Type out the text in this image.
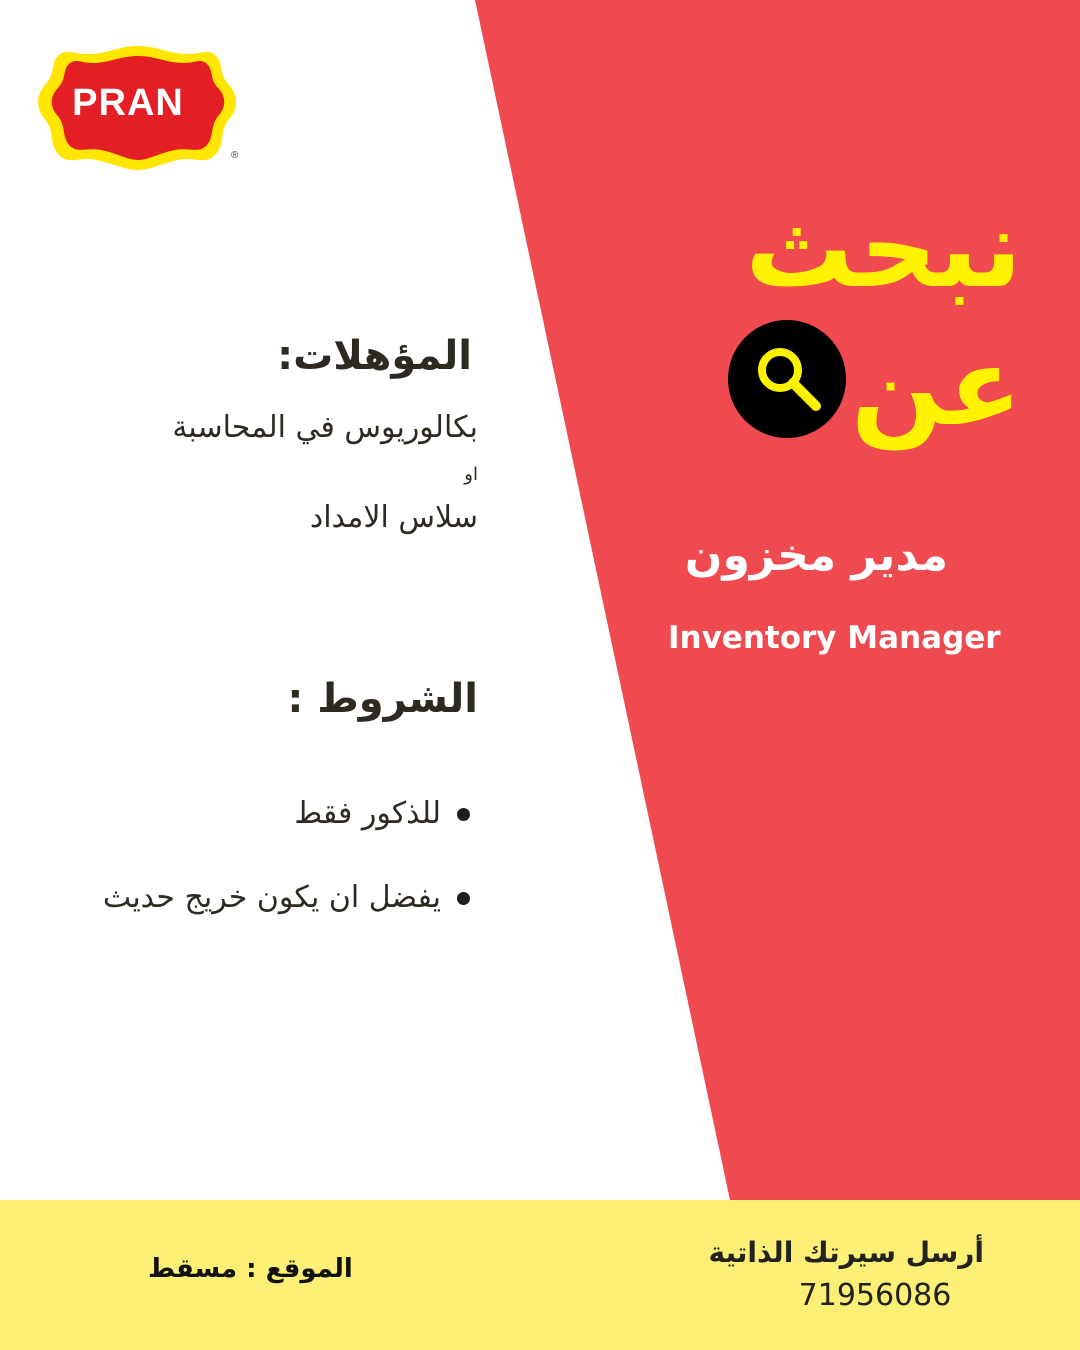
®
PRAN
نبحث
عن
مدير مخزون
Inventory Manager
المؤهلات:
بكالوريوس في المحاسبة
او
سلاس الامداد
الشروط :
للذكور فقط
يفضل ان يكون خريج حديث
الموقع : مسقط	أرسل سيرتك الذاتية
71956086
